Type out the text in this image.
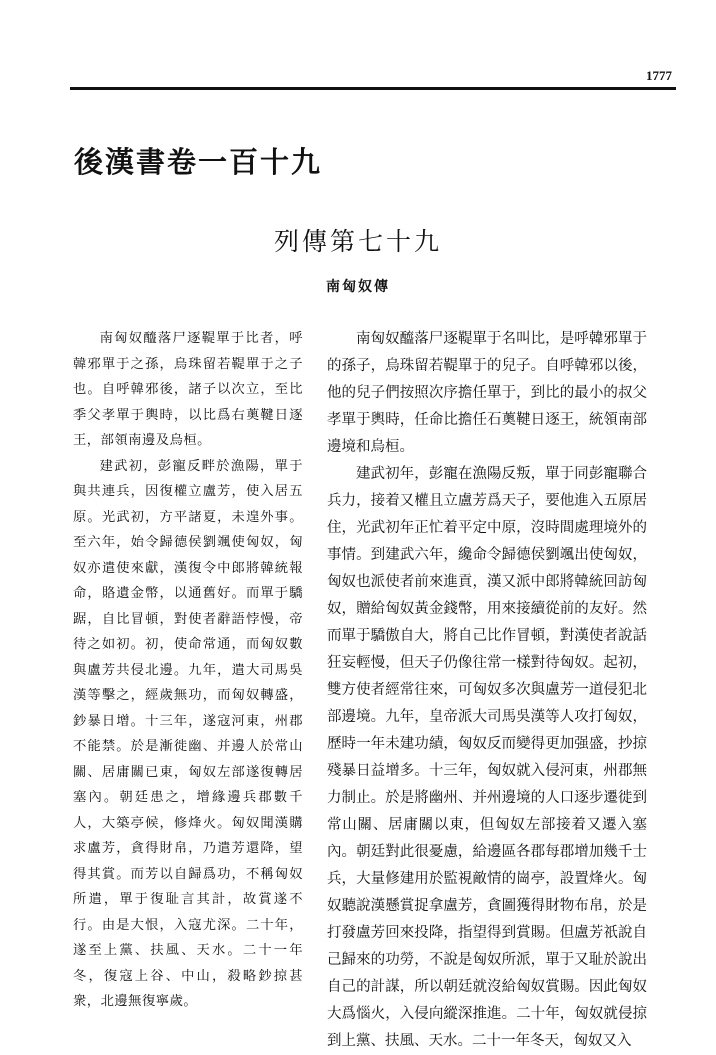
1777
後漢書卷一百十九
列傳第七十九
南匈奴傳

南匈奴醯落尸逐鞮單于比者，呼韓邪單于之孫，烏珠留若鞮單于之子也。自呼韓邪後，諸子以次立，至比季父孝單于輿時，以比爲右薁鞬日逐王，部領南邊及烏桓。

建武初，彭寵反畔於漁陽，單于與共連兵，因復權立盧芳，使入居五原。光武初，方平諸夏，未遑外事。至六年，始令歸德侯劉颯使匈奴，匈奴亦遣使來獻，漢復令中郎將韓統報命，賂遺金幣，以通舊好。而單于驕踞，自比冒頓，對使者辭語悖慢，帝待之如初。初，使命常通，而匈奴數與盧芳共侵北邊。九年，遣大司馬吳漢等擊之，經歲無功，而匈奴轉盛，鈔暴日增。十三年，遂寇河東，州郡不能禁。於是漸徙幽、并邊人於常山關、居庸關已東，匈奴左部遂復轉居塞內。朝廷患之，增緣邊兵郡數千人，大築亭候，修烽火。匈奴聞漢購求盧芳，貪得財帛，乃遣芳還降，望得其賞。而芳以自歸爲功，不稱匈奴所遣，單于復耻言其計，故賞遂不行。由是大恨，入寇尤深。二十年，遂至上黨、扶風、天水。二十一年冬，復寇上谷、中山，殺略鈔掠甚衆，北邊無復寧歲。

南匈奴醯落尸逐鞮單于名叫比，是呼韓邪單于的孫子，烏珠留若鞮單于的兒子。自呼韓邪以後，他的兒子們按照次序擔任單于，到比的最小的叔父孝單于輿時，任命比擔任石薁鞬日逐王，統領南部邊境和烏桓。

建武初年，彭寵在漁陽反叛，單于同彭寵聯合兵力，接着又權且立盧芳爲天子，要他進入五原居住，光武初年正忙着平定中原，沒時間處理境外的事情。到建武六年，纔命令歸德侯劉颯出使匈奴，匈奴也派使者前來進貢，漢又派中郎將韓統回訪匈奴，贈給匈奴黃金錢幣，用來接續從前的友好。然而單于驕傲自大，將自己比作冒頓，對漢使者說話狂妄輕慢，但天子仍像往常一樣對待匈奴。起初，雙方使者經常往來，可匈奴多次與盧芳一道侵犯北部邊境。九年，皇帝派大司馬吳漢等人攻打匈奴，歷時一年未建功績，匈奴反而變得更加强盛，抄掠殘暴日益增多。十三年，匈奴就入侵河東，州郡無力制止。於是將幽州、并州邊境的人口逐步遷徙到常山關、居庸關以東，但匈奴左部接着又遷入塞內。朝廷對此很憂慮，給邊區各郡每郡增加幾千士兵，大量修建用於監視敵情的崗亭，設置烽火。匈奴聽說漢懸賞捉拿盧芳，貪圖獲得財物布帛，於是打發盧芳回來投降，指望得到賞賜。但盧芳祇說自己歸來的功勞，不說是匈奴所派，單于又耻於說出自己的計謀，所以朝廷就沒給匈奴賞賜。因此匈奴大爲惱火，入侵向縱深推進。二十年，匈奴就侵掠到上黨、扶風、天水。二十一年冬天，匈奴又入
